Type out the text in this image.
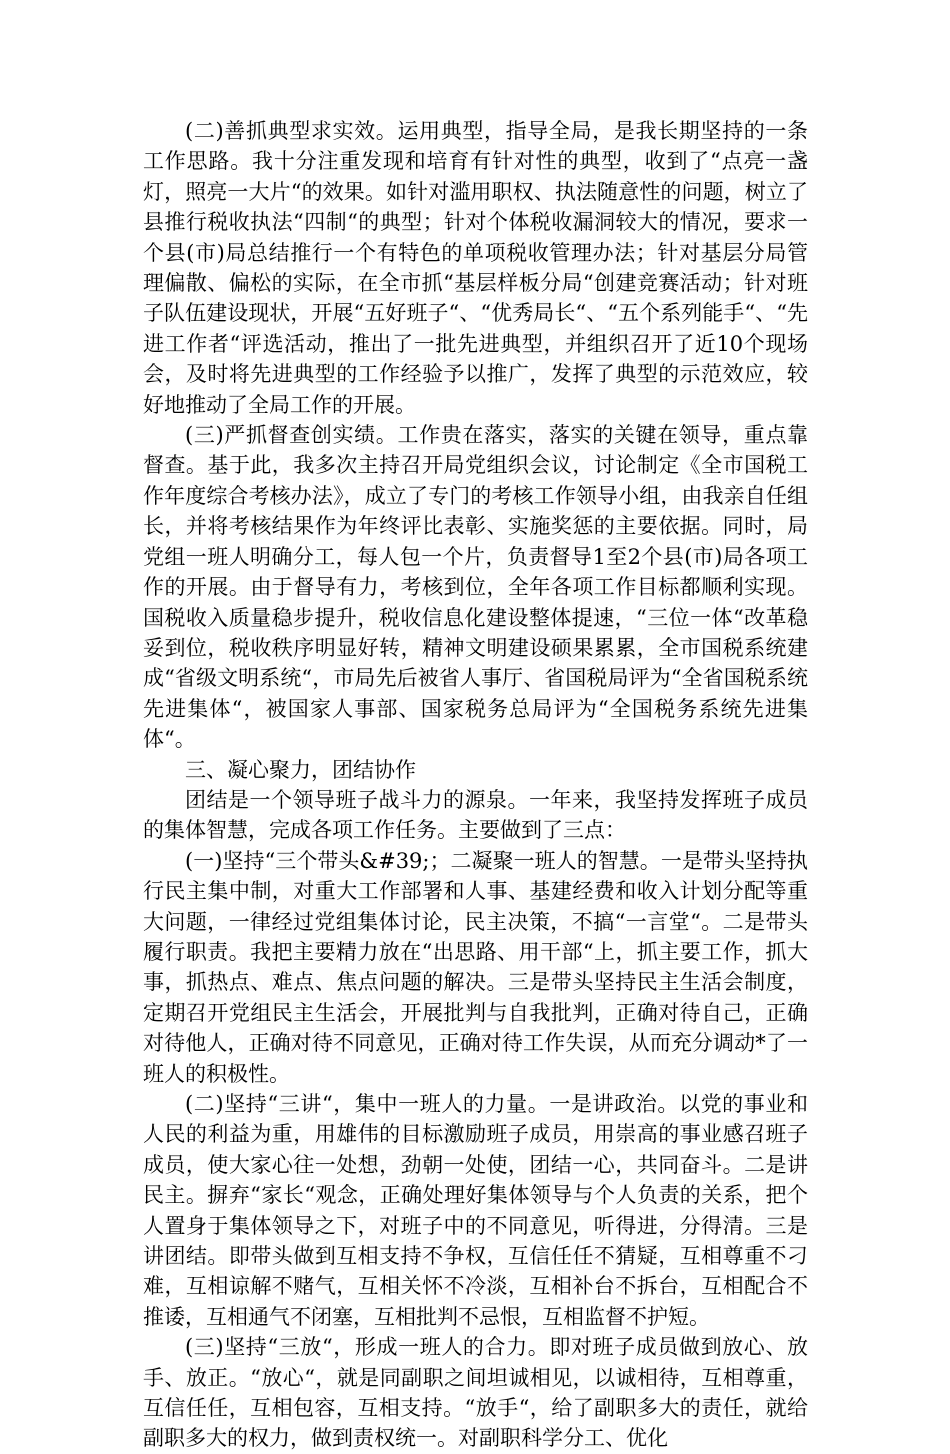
(二)善抓典型求实效。运用典型，指导全局，是我长期坚持的一条工作思路。我十分注重发现和培育有针对性的典型，收到了“点亮一盏灯，照亮一大片“的效果。如针对滥用职权、执法随意性的问题，树立了县推行税收执法“四制“的典型；针对个体税收漏洞较大的情况，要求一个县(市)局总结推行一个有特色的单项税收管理办法；针对基层分局管理偏散、偏松的实际，在全市抓“基层样板分局“创建竞赛活动；针对班子队伍建设现状，开展“五好班子“、“优秀局长“、“五个系列能手“、“先进工作者“评选活动，推出了一批先进典型，并组织召开了近10个现场会，及时将先进典型的工作经验予以推广，发挥了典型的示范效应，较好地推动了全局工作的开展。

(三)严抓督查创实绩。工作贵在落实，落实的关键在领导，重点靠督查。基于此，我多次主持召开局党组织会议，讨论制定《全市国税工作年度综合考核办法》，成立了专门的考核工作领导小组，由我亲自任组长，并将考核结果作为年终评比表彰、实施奖惩的主要依据。同时，局党组一班人明确分工，每人包一个片，负责督导1至2个县(市)局各项工作的开展。由于督导有力，考核到位，全年各项工作目标都顺利实现。国税收入质量稳步提升，税收信息化建设整体提速，“三位一体“改革稳妥到位，税收秩序明显好转，精神文明建设硕果累累，全市国税系统建成“省级文明系统“，市局先后被省人事厅、省国税局评为“全省国税系统先进集体“，被国家人事部、国家税务总局评为“全国税务系统先进集体“。

三、凝心聚力，团结协作

团结是一个领导班子战斗力的源泉。一年来，我坚持发挥班子成员的集体智慧，完成各项工作任务。主要做到了三点：

(一)坚持“三个带头&#39;；二凝聚一班人的智慧。一是带头坚持执行民主集中制，对重大工作部署和人事、基建经费和收入计划分配等重大问题，一律经过党组集体讨论，民主决策，不搞“一言堂“。二是带头履行职责。我把主要精力放在“出思路、用干部“上，抓主要工作，抓大事，抓热点、难点、焦点问题的解决。三是带头坚持民主生活会制度，定期召开党组民主生活会，开展批判与自我批判，正确对待自己，正确对待他人，正确对待不同意见，正确对待工作失误，从而充分调动*了一班人的积极性。

(二)坚持“三讲“，集中一班人的力量。一是讲政治。以党的事业和人民的利益为重，用雄伟的目标激励班子成员，用崇高的事业感召班子成员，使大家心往一处想，劲朝一处使，团结一心，共同奋斗。二是讲民主。摒弃“家长“观念，正确处理好集体领导与个人负责的关系，把个人置身于集体领导之下，对班子中的不同意见，听得进，分得清。三是讲团结。即带头做到互相支持不争权，互信任任不猜疑，互相尊重不刁难，互相谅解不赌气，互相关怀不冷淡，互相补台不拆台，互相配合不推诿，互相通气不闭塞，互相批判不忌恨，互相监督不护短。

(三)坚持“三放“，形成一班人的合力。即对班子成员做到放心、放手、放正。“放心“，就是同副职之间坦诚相见，以诚相待，互相尊重，互信任任，互相包容，互相支持。“放手“，给了副职多大的责任，就给副职多大的权力，做到责权统一。对副职科学分工、优化
